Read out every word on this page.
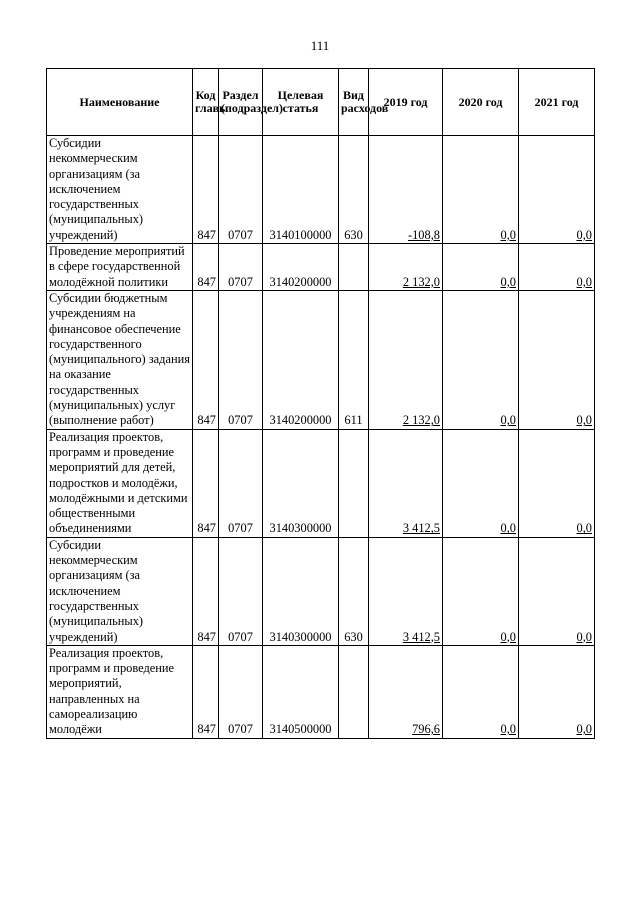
111
Наименование	Код главы	Раздел (подраздел)	Целевая статья	Вид расходов	2019 год	2020 год	2021 год
Субсидии некоммерческим организациям (за исключением государственных (муниципальных) учреждений)	847	0707	3140100000	630	-108,8	0,0	0,0
Проведение мероприятий в сфере государственной молодёжной политики	847	0707	3140200000		2 132,0	0,0	0,0
Субсидии бюджетным учреждениям на финансовое обеспечение государственного (муниципального) задания на оказание государственных (муниципальных) услуг (выполнение работ)	847	0707	3140200000	611	2 132,0	0,0	0,0
Реализация проектов, программ и проведение мероприятий для детей, подростков и молодёжи, молодёжными и детскими общественными объединениями	847	0707	3140300000		3 412,5	0,0	0,0
Субсидии некоммерческим организациям (за исключением государственных (муниципальных) учреждений)	847	0707	3140300000	630	3 412,5	0,0	0,0
Реализация проектов, программ и проведение мероприятий, направленных на самореализацию молодёжи	847	0707	3140500000		796,6	0,0	0,0
